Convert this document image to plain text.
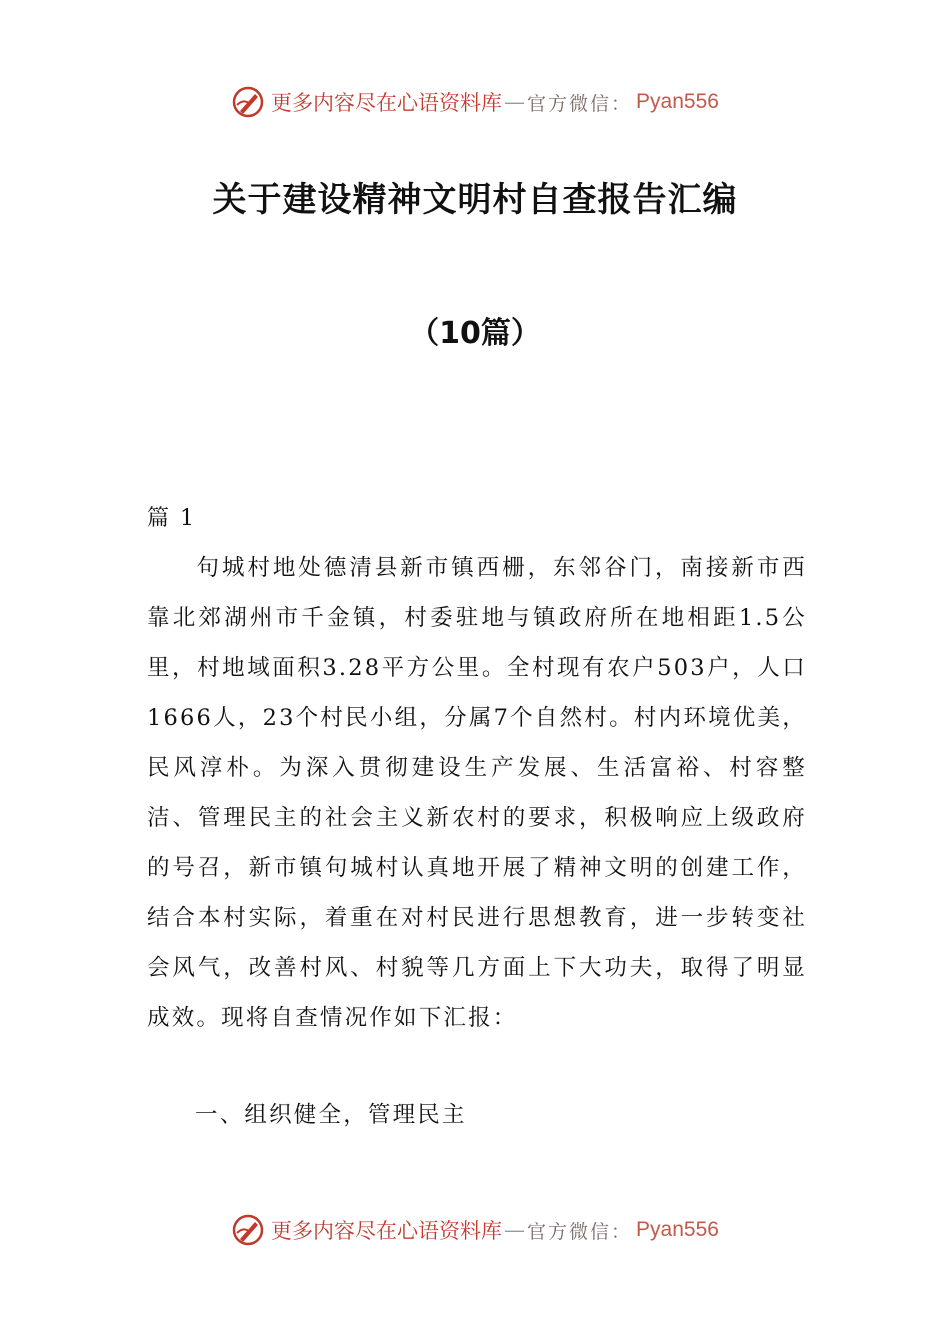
更多内容尽在心语资料库 — 官方微信： Pyan556
关于建设精神文明村自查报告汇编
（10篇）
篇 1

句城村地处德清县新市镇西栅，东邻谷门，南接新市西靠北郊湖州市千金镇，村委驻地与镇政府所在地相距1.5公里，村地域面积3.28平方公里。全村现有农户503户，人口1666人，23个村民小组，分属7个自然村。村内环境优美，民风淳朴。为深入贯彻建设生产发展、生活富裕、村容整洁、管理民主的社会主义新农村的要求，积极响应上级政府的号召，新市镇句城村认真地开展了精神文明的创建工作，结合本村实际，着重在对村民进行思想教育，进一步转变社会风气，改善村风、村貌等几方面上下大功夫，取得了明显成效。现将自查情况作如下汇报：

一、组织健全，管理民主
更多内容尽在心语资料库 — 官方微信： Pyan556
